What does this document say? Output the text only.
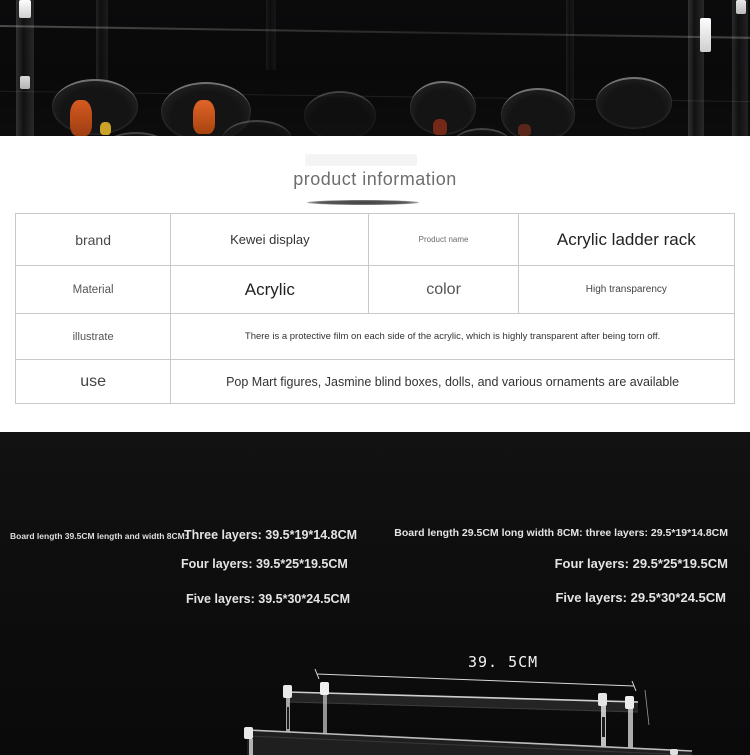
product information
brand	Kewei display	Product name	Acrylic ladder rack
Material	Acrylic	color	High transparency
illustrate	There is a protective film on each side of the acrylic, which is highly transparent after being torn off.		
use	Pop Mart figures, Jasmine blind boxes, dolls, and various ornaments are available		
Board length 39.5CM length and width 8CM:
Three layers: 39.5*19*14.8CM
Four layers: 39.5*25*19.5CM
Five layers: 39.5*30*24.5CM
Board length 29.5CM long width 8CM: three layers: 29.5*19*14.8CM
Four layers: 29.5*25*19.5CM
Five layers: 29.5*30*24.5CM
39. 5CM
